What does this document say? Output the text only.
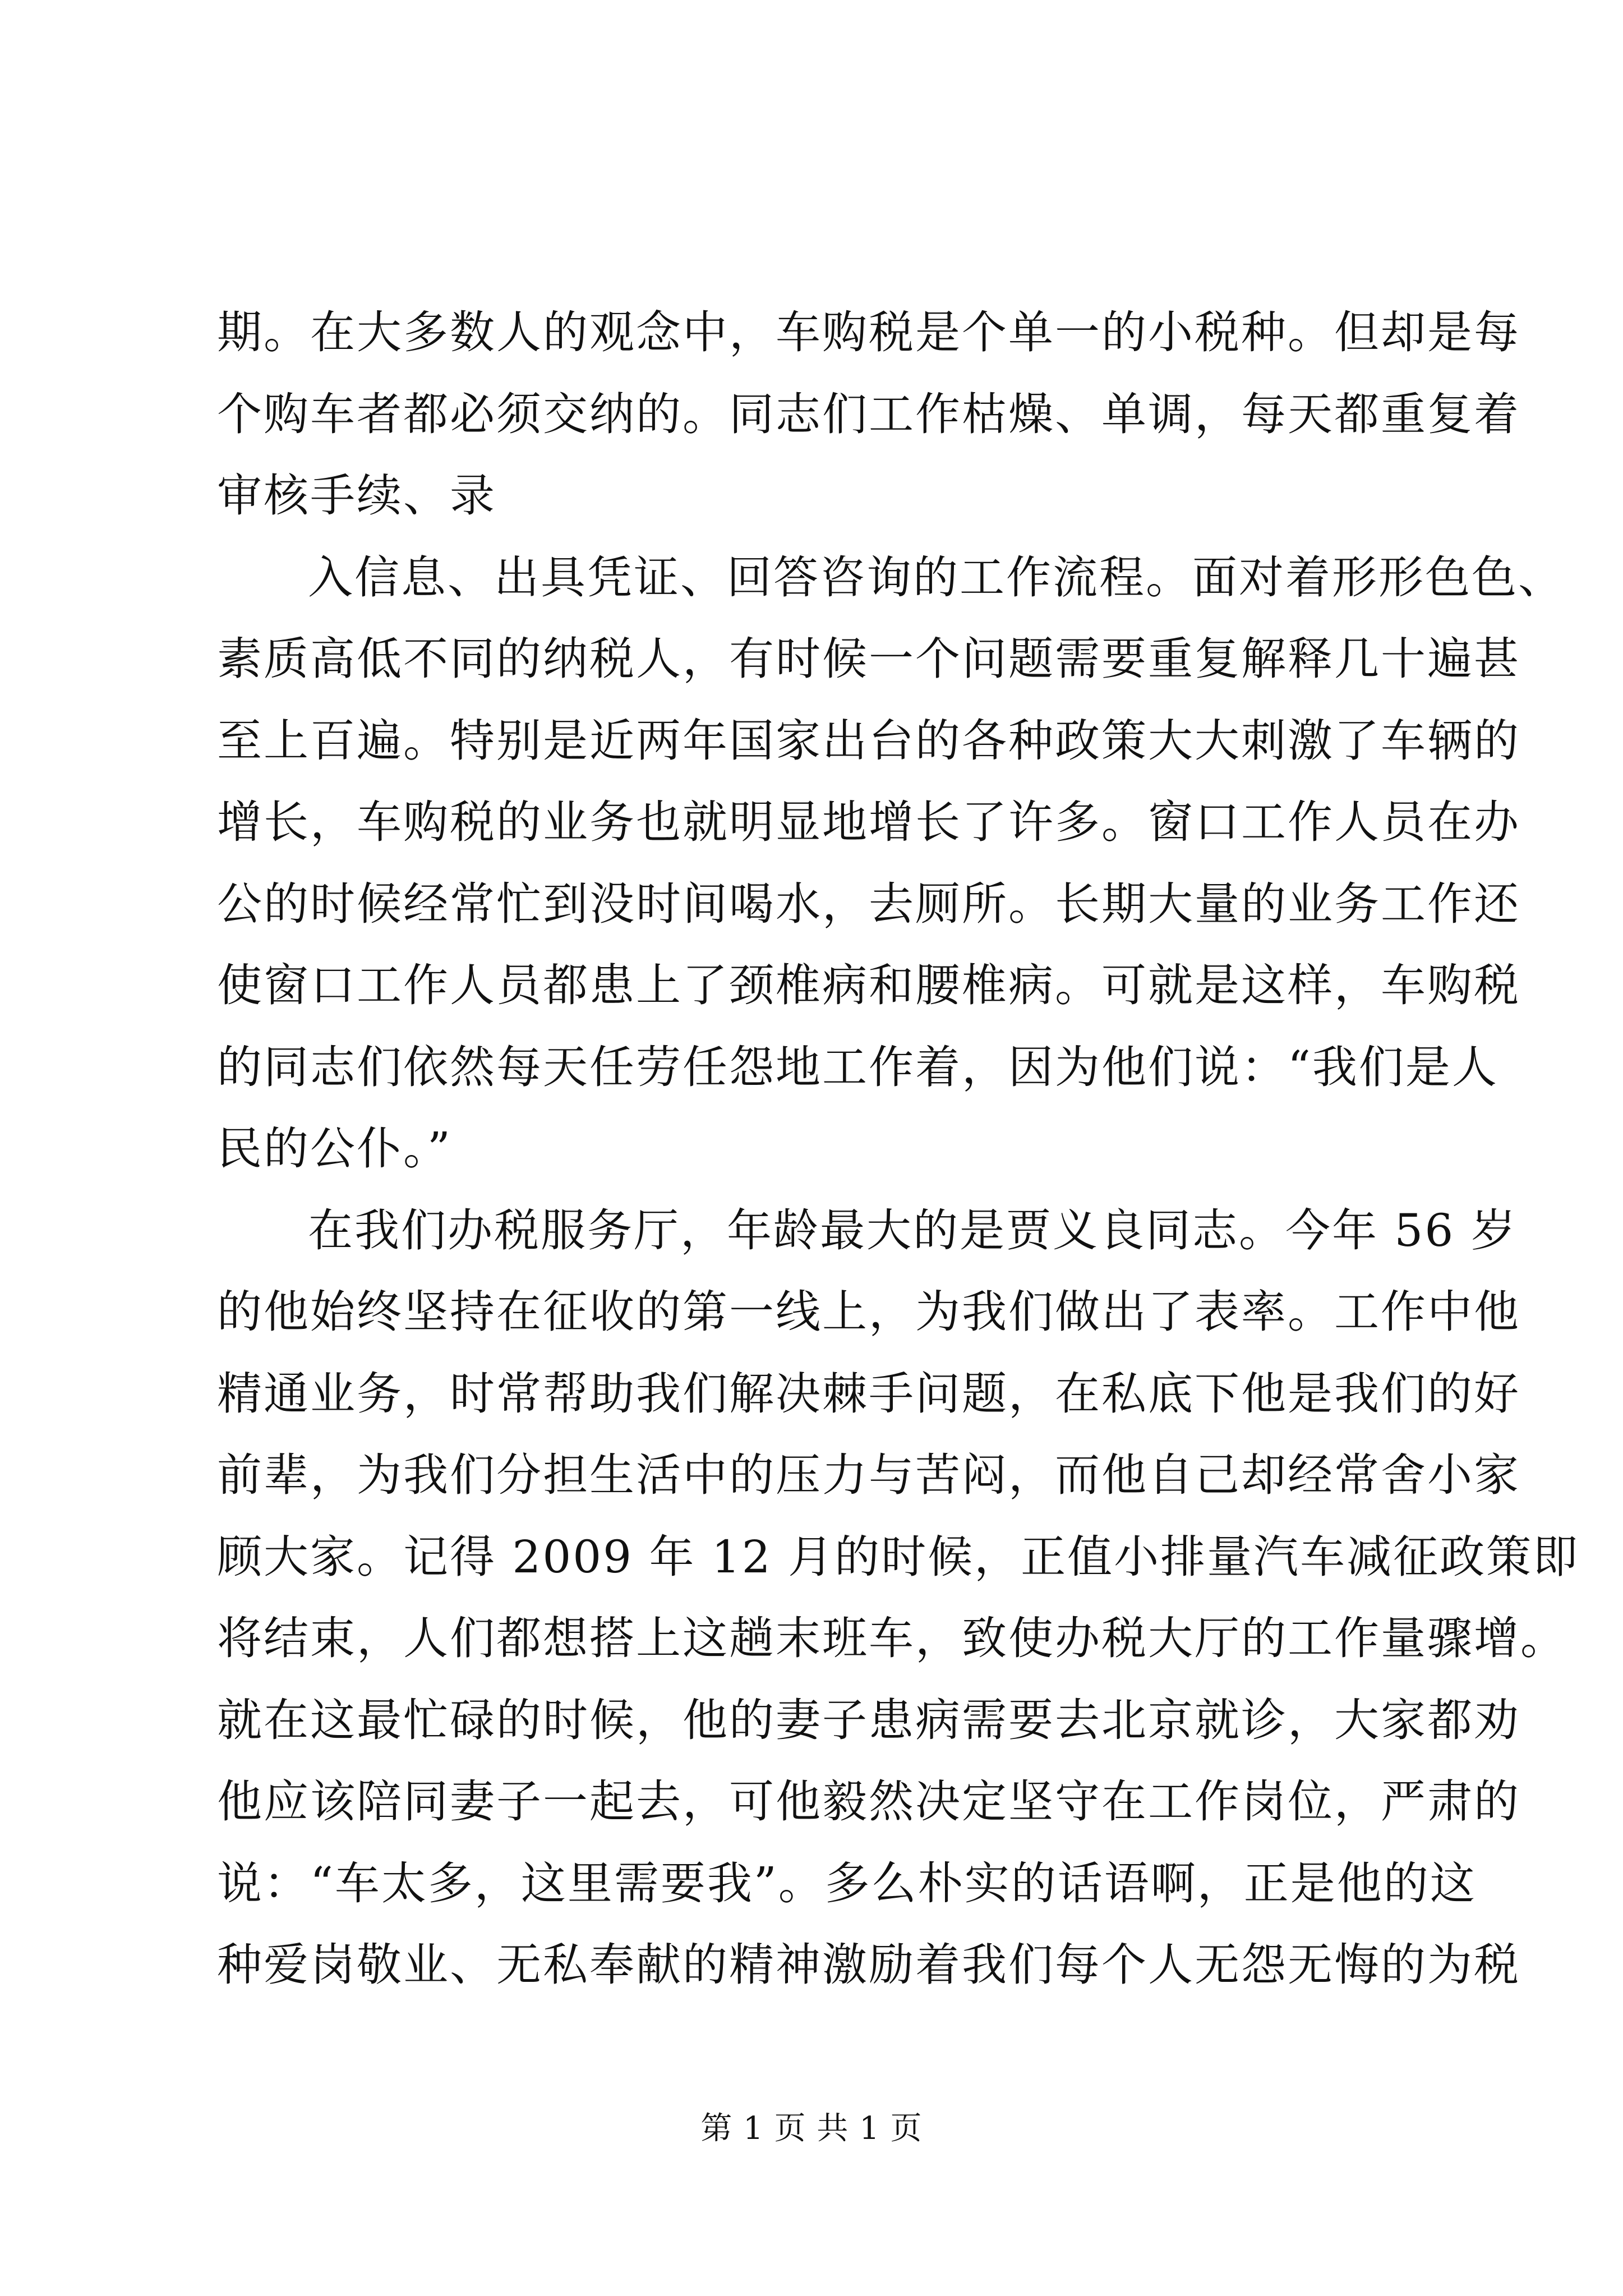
期。在大多数人的观念中，车购税是个单一的小税种。但却是每
个购车者都必须交纳的。同志们工作枯燥、单调，每天都重复着
审核手续、录

入信息、出具凭证、回答咨询的工作流程。面对着形形色色、
素质高低不同的纳税人，有时候一个问题需要重复解释几十遍甚
至上百遍。特别是近两年国家出台的各种政策大大刺激了车辆的
增长，车购税的业务也就明显地增长了许多。窗口工作人员在办
公的时候经常忙到没时间喝水，去厕所。长期大量的业务工作还
使窗口工作人员都患上了颈椎病和腰椎病。可就是这样，车购税
的同志们依然每天任劳任怨地工作着，因为他们说：“我们是人
民的公仆。”

在我们办税服务厅，年龄最大的是贾义良同志。今年 56 岁
的他始终坚持在征收的第一线上，为我们做出了表率。工作中他
精通业务，时常帮助我们解决棘手问题，在私底下他是我们的好
前辈，为我们分担生活中的压力与苦闷，而他自己却经常舍小家
顾大家。记得 2009 年 12 月的时候，正值小排量汽车减征政策即
将结束，人们都想搭上这趟末班车，致使办税大厅的工作量骤增。
就在这最忙碌的时候，他的妻子患病需要去北京就诊，大家都劝
他应该陪同妻子一起去，可他毅然决定坚守在工作岗位，严肃的
说：“车太多，这里需要我”。多么朴实的话语啊，正是他的这
种爱岗敬业、无私奉献的精神激励着我们每个人无怨无悔的为税

第 1 页 共 1 页
